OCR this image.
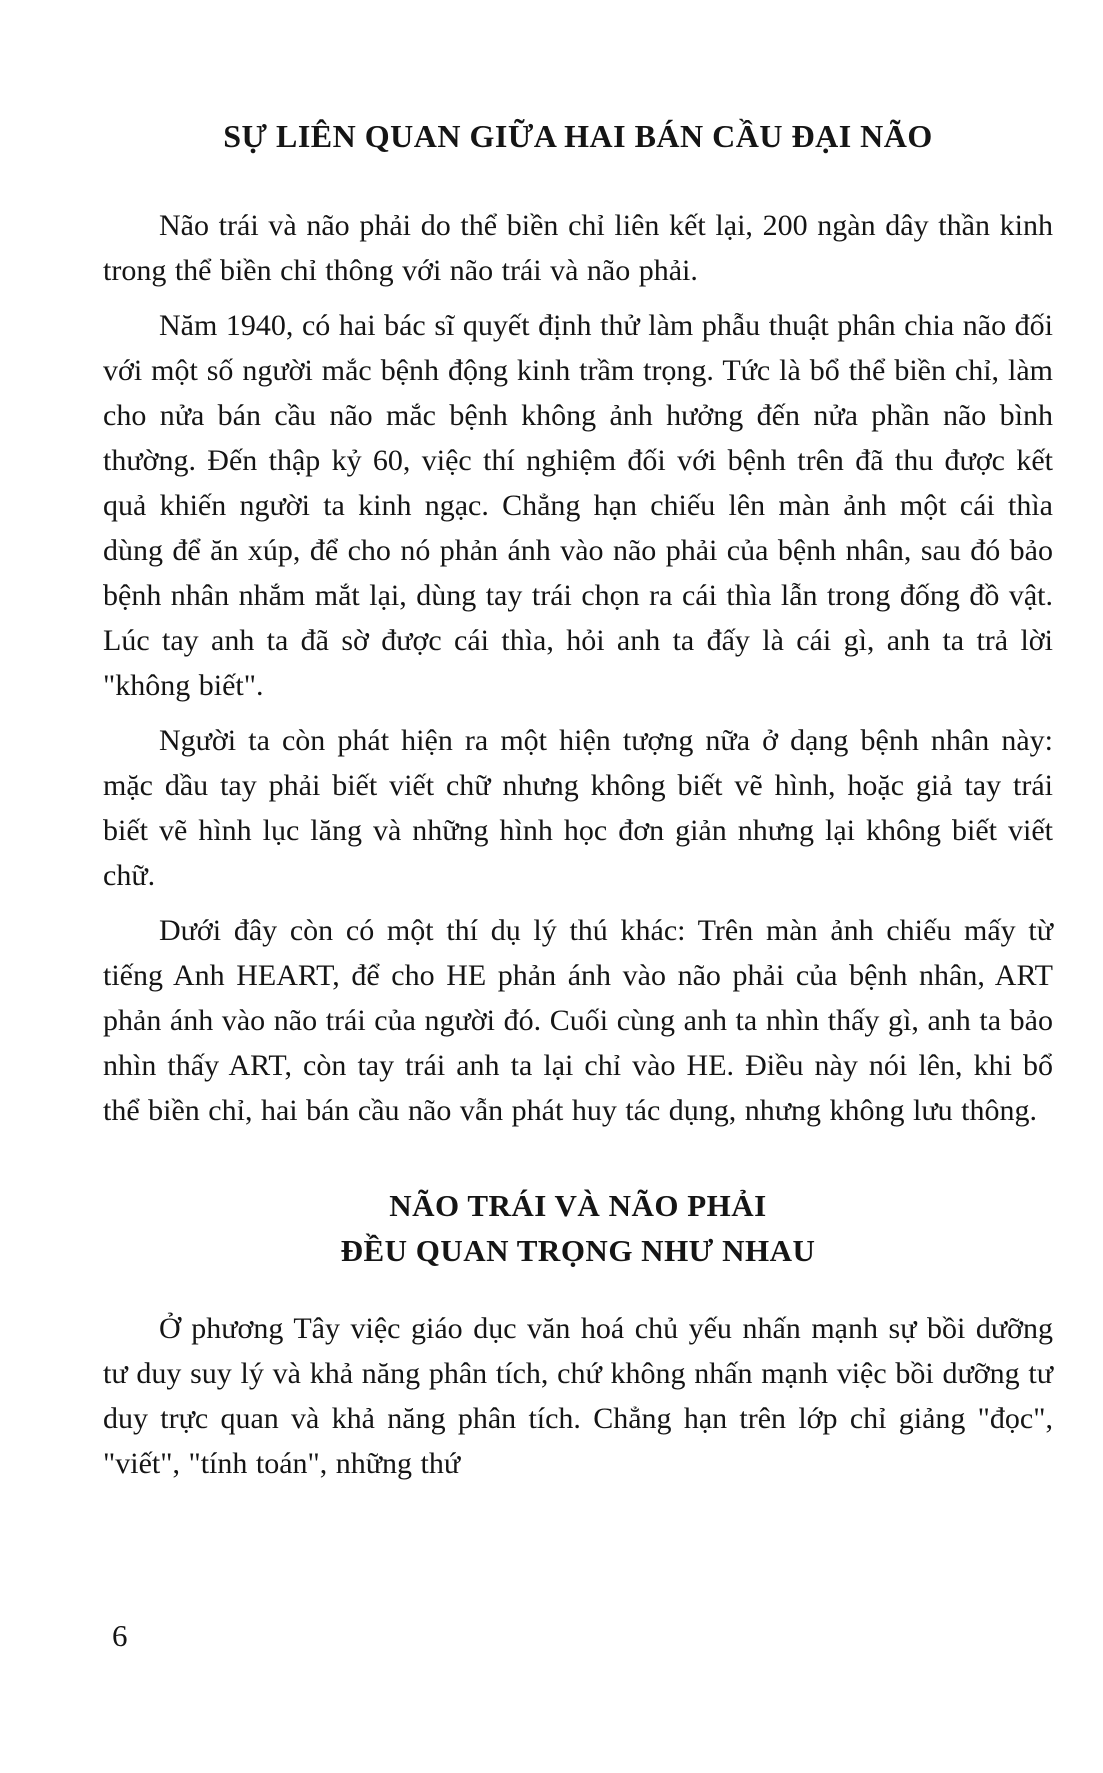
SỰ LIÊN QUAN GIỮA HAI BÁN CẦU ĐẠI NÃO

Não trái và não phải do thể biền chỉ liên kết lại, 200 ngàn dây thần kinh trong thể biền chỉ thông với não trái và não phải.

Năm 1940, có hai bác sĩ quyết định thử làm phẫu thuật phân chia não đối với một số người mắc bệnh động kinh trầm trọng. Tức là bổ thể biền chỉ, làm cho nửa bán cầu não mắc bệnh không ảnh hưởng đến nửa phần não bình thường. Đến thập kỷ 60, việc thí nghiệm đối với bệnh trên đã thu được kết quả khiến người ta kinh ngạc. Chẳng hạn chiếu lên màn ảnh một cái thìa dùng để ăn xúp, để cho nó phản ánh vào não phải của bệnh nhân, sau đó bảo bệnh nhân nhắm mắt lại, dùng tay trái chọn ra cái thìa lẫn trong đống đồ vật. Lúc tay anh ta đã sờ được cái thìa, hỏi anh ta đấy là cái gì, anh ta trả lời "không biết".

Người ta còn phát hiện ra một hiện tượng nữa ở dạng bệnh nhân này: mặc dầu tay phải biết viết chữ nhưng không biết vẽ hình, hoặc giả tay trái biết vẽ hình lục lăng và những hình học đơn giản nhưng lại không biết viết chữ.

Dưới đây còn có một thí dụ lý thú khác: Trên màn ảnh chiếu mấy từ tiếng Anh HEART, để cho HE phản ánh vào não phải của bệnh nhân, ART phản ánh vào não trái của người đó. Cuối cùng anh ta nhìn thấy gì, anh ta bảo nhìn thấy ART, còn tay trái anh ta lại chỉ vào HE. Điều này nói lên, khi bổ thể biền chỉ, hai bán cầu não vẫn phát huy tác dụng, nhưng không lưu thông.

NÃO TRÁI VÀ NÃO PHẢI
ĐỀU QUAN TRỌNG NHƯ NHAU

Ở phương Tây việc giáo dục văn hoá chủ yếu nhấn mạnh sự bồi dưỡng tư duy suy lý và khả năng phân tích, chứ không nhấn mạnh việc bồi dưỡng tư duy trực quan và khả năng phân tích. Chẳng hạn trên lớp chỉ giảng "đọc", "viết", "tính toán", những thứ

6
